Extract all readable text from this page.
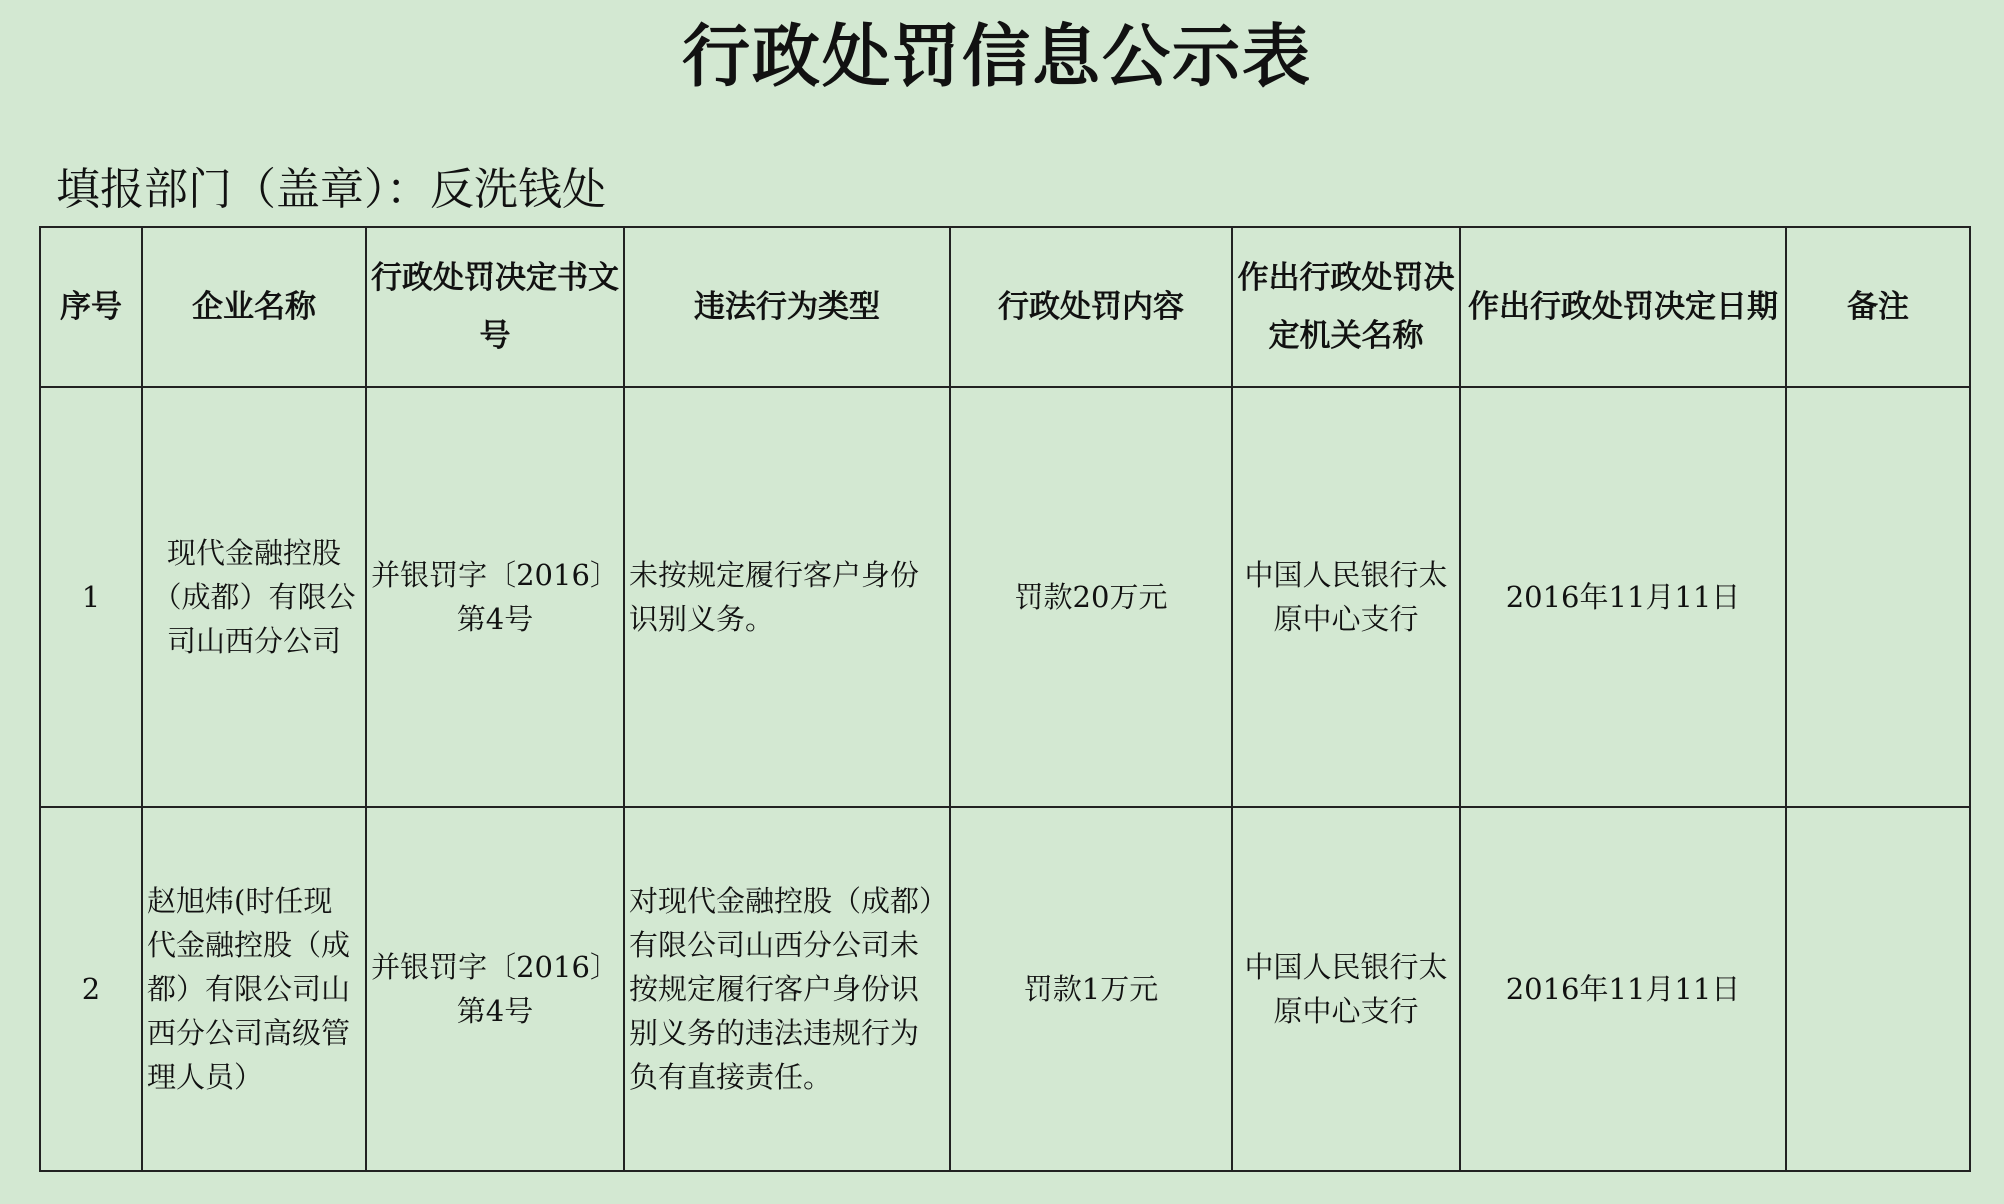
行政处罚信息公示表
填报部门（盖章）：反洗钱处
序号	企业名称	行政处罚决定书文号	违法行为类型	行政处罚内容	作出行政处罚决定机关名称	作出行政处罚决定日期	备注
1	现代金融控股（成都）有限公司山西分公司	并银罚字〔2016〕第4号	未按规定履行客户身份识别义务。	罚款20万元	中国人民银行太原中心支行	2016年11月11日	
2	赵旭炜(时任现代金融控股（成都）有限公司山西分公司高级管理人员）	并银罚字〔2016〕第4号	对现代金融控股（成都）有限公司山西分公司未按规定履行客户身份识别义务的违法违规行为负有直接责任。	罚款1万元	中国人民银行太原中心支行	2016年11月11日	
